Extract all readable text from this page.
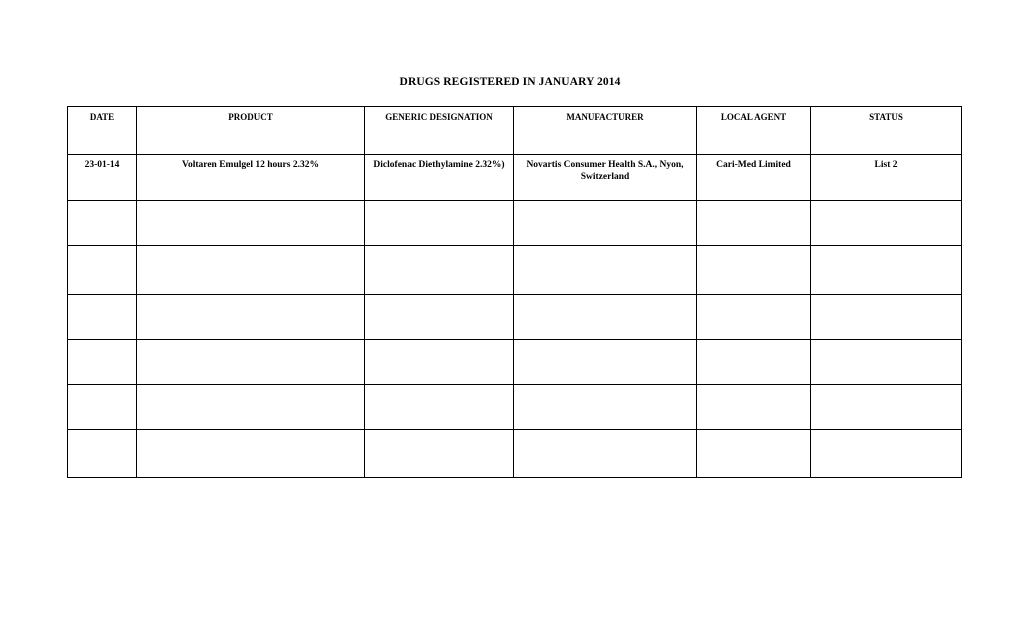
DRUGS REGISTERED IN JANUARY 2014
DATE	PRODUCT	GENERIC DESIGNATION	MANUFACTURER	LOCAL AGENT	STATUS
23-01-14	Voltaren Emulgel 12 hours 2.32%	Diclofenac Diethylamine 2.32%)	Novartis Consumer Health S.A., Nyon, Switzerland	Cari-Med Limited	List 2
